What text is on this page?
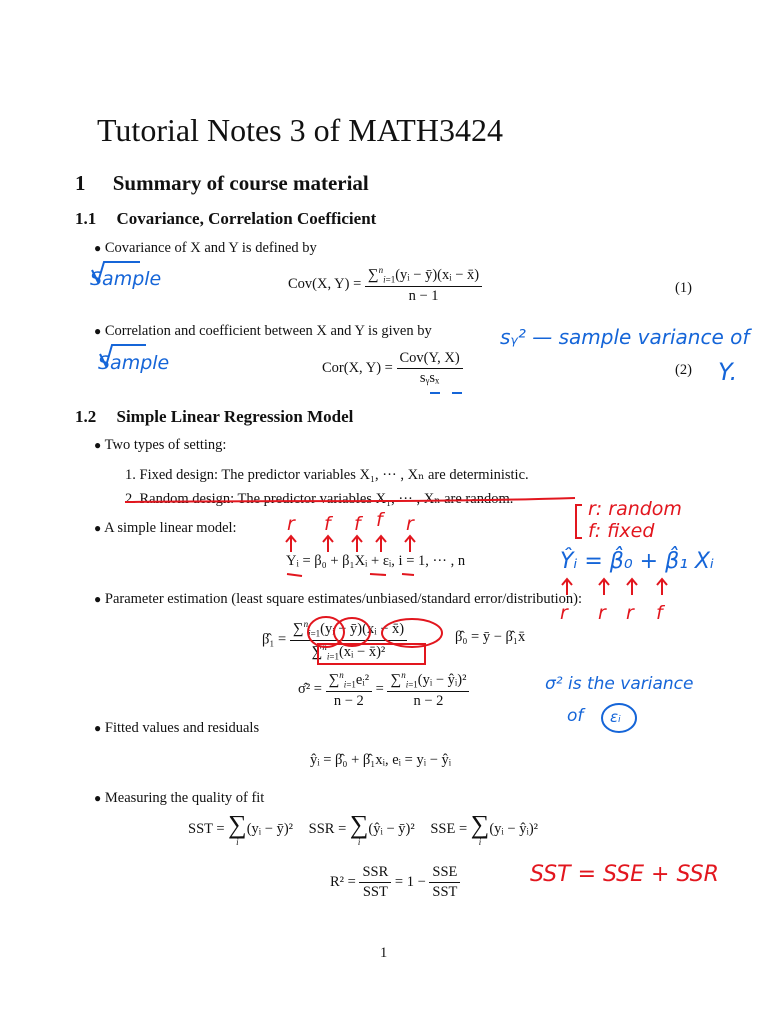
Tutorial Notes 3 of MATH3424
1 Summary of course material
1.1 Covariance, Correlation Coefficient
● Covariance of X and Y is defined by
Cov(X, $Y) = \frac{\sum^n_{i=1}(yᵢ - ȳ)(xᵢ - x̄)}{n - 1}$	(1)
● Correlation and coefficient between X and Y is given by
Cor(X, $Y) = \frac{\text{Cov(Y, X)}}{\text{sᵧsₓ}}$	(2)
1.2 Simple Linear Regression Model
● Two types of setting:
1. Fixed design: The predictor variables X₁, ··· , Xₙ are deterministic.
2. Random design: The predictor variables X₁, ··· , Xₙ are random.
● A simple linear model:
Yᵢ = β₀ + β₁Xᵢ + εᵢ, i = 1, ··· , n
● Parameter estimation (least square estimates/unbiased/standard error/distribution):
β̂₁ = $\frac{\sum^n_{i=1}(yᵢ - ȳ)(xᵢ - x̄)}{\sum^n_{i=1}(xᵢ - x̄)^2}$	β̂₀ = ȳ − β̂₁x̄
σ̂² = $\frac{\sum^n_{i=1}eᵢ^2}{n - 2} = \frac{\sum^n_{i=1}(yᵢ - ŷᵢ)^2}{n - 2}$
● Fitted values and residuals
ŷᵢ = β̂₀ + β̂₁xᵢ, eᵢ = yᵢ − ŷᵢ
● Measuring the quality of fit
SST = ∑
i
(yᵢ − ȳ)² SSR = ∑
i
(ŷᵢ − ȳ)² SSE = ∑
i
(yᵢ − ŷᵢ)²
$R^2 = \frac{\text{SSR}}{\text{SST}} = 1 - \frac{\text{SSE}}{\text{SST}}$
1
Sample
Sample
sᵧ² — sample variance of
Y.
r: random
f: fixed
r f f f r
Ŷᵢ = β̂₀ + β̂₁ Xᵢ
r r r f
σ² is the variance
of εᵢ
SST = SSE + SSR
